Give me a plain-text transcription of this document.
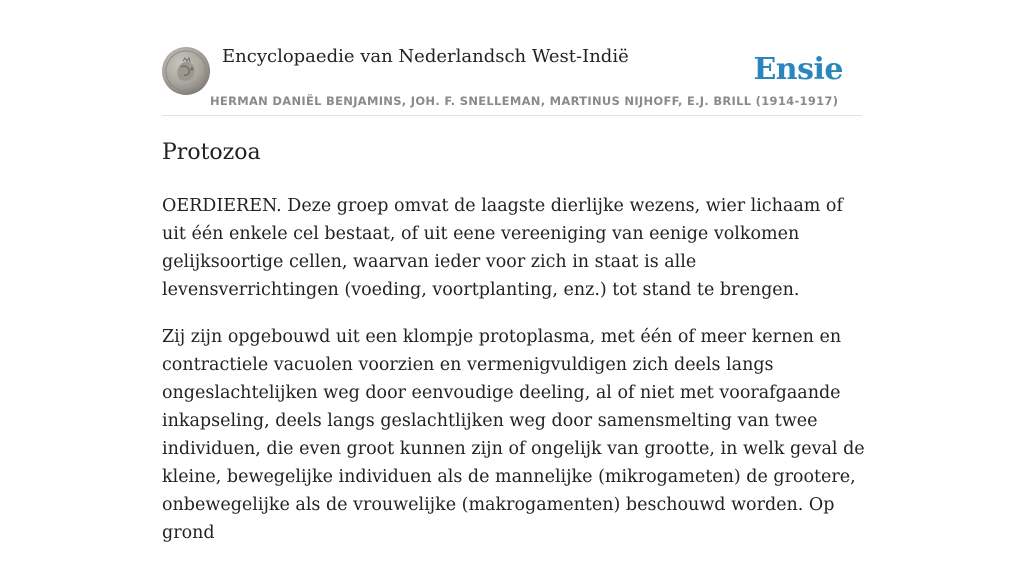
Encyclopaedie van Nederlandsch West-Indië	Ensie
HERMAN DANIËL BENJAMINS, JOH. F. SNELLEMAN, MARTINUS NIJHOFF, E.J. BRILL (1914-1917)
Protozoa

OERDIEREN. Deze groep omvat de laagste dierlijke wezens, wier lichaam of uit één enkele cel bestaat, of uit eene vereeniging van eenige volkomen gelijksoortige cellen, waarvan ieder voor zich in staat is alle levensverrichtingen (voeding, voortplanting, enz.) tot stand te brengen.

Zij zijn opgebouwd uit een klompje protoplasma, met één of meer kernen en contractiele vacuolen voorzien en vermenigvuldigen zich deels langs ongeslachtelijken weg door eenvoudige deeling, al of niet met voorafgaande inkapseling, deels langs geslachtlijken weg door samensmelting van twee individuen, die even groot kunnen zijn of ongelijk van grootte, in welk geval de kleine, bewegelijke individuen als de mannelijke (mikrogameten) de grootere, onbewegelijke als de vrouwelijke (makrogamenten) beschouwd worden. Op grond
